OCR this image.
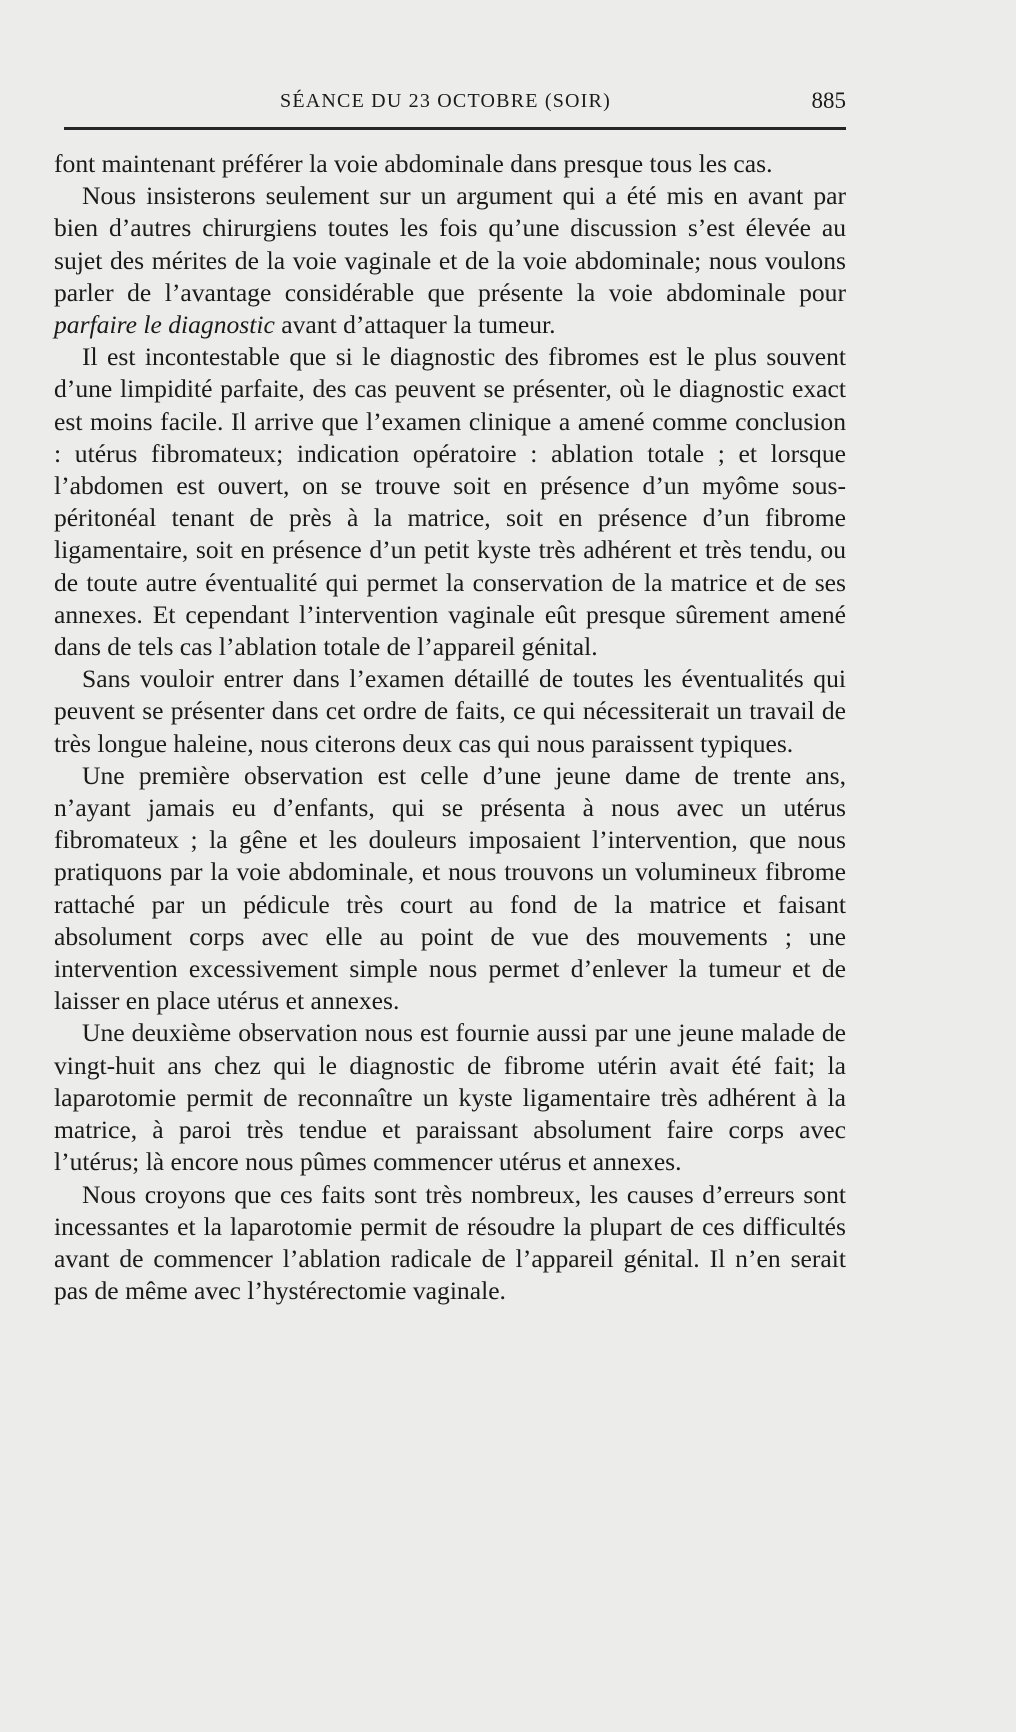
SÉANCE DU 23 OCTOBRE (SOIR)	885

font maintenant préférer la voie abdominale dans presque tous les cas.

Nous insisterons seulement sur un argument qui a été mis en avant par bien d’autres chirurgiens toutes les fois qu’une discussion s’est élevée au sujet des mérites de la voie vaginale et de la voie abdominale; nous voulons parler de l’avantage considérable que présente la voie abdominale pour parfaire le diagnostic avant d’attaquer la tumeur.

Il est incontestable que si le diagnostic des fibromes est le plus souvent d’une limpidité parfaite, des cas peuvent se présenter, où le diagnostic exact est moins facile. Il arrive que l’examen clinique a amené comme conclusion : utérus fibromateux; indication opératoire : ablation totale ; et lorsque l’abdomen est ouvert, on se trouve soit en présence d’un myôme sous-péritonéal tenant de près à la matrice, soit en présence d’un fibrome ligamentaire, soit en présence d’un petit kyste très adhérent et très tendu, ou de toute autre éventualité qui permet la conservation de la matrice et de ses annexes. Et cependant l’intervention vaginale eût presque sûrement amené dans de tels cas l’ablation totale de l’appareil génital.

Sans vouloir entrer dans l’examen détaillé de toutes les éventualités qui peuvent se présenter dans cet ordre de faits, ce qui nécessiterait un travail de très longue haleine, nous citerons deux cas qui nous paraissent typiques.

Une première observation est celle d’une jeune dame de trente ans, n’ayant jamais eu d’enfants, qui se présenta à nous avec un utérus fibromateux ; la gêne et les douleurs imposaient l’intervention, que nous pratiquons par la voie abdominale, et nous trouvons un volumineux fibrome rattaché par un pédicule très court au fond de la matrice et faisant absolument corps avec elle au point de vue des mouvements ; une intervention excessivement simple nous permet d’enlever la tumeur et de laisser en place utérus et annexes.

Une deuxième observation nous est fournie aussi par une jeune malade de vingt-huit ans chez qui le diagnostic de fibrome utérin avait été fait; la laparotomie permit de reconnaître un kyste ligamentaire très adhérent à la matrice, à paroi très tendue et paraissant absolument faire corps avec l’utérus; là encore nous pûmes commencer utérus et annexes.

Nous croyons que ces faits sont très nombreux, les causes d’erreurs sont incessantes et la laparotomie permit de résoudre la plupart de ces difficultés avant de commencer l’ablation radicale de l’appareil génital. Il n’en serait pas de même avec l’hystérectomie vaginale.
